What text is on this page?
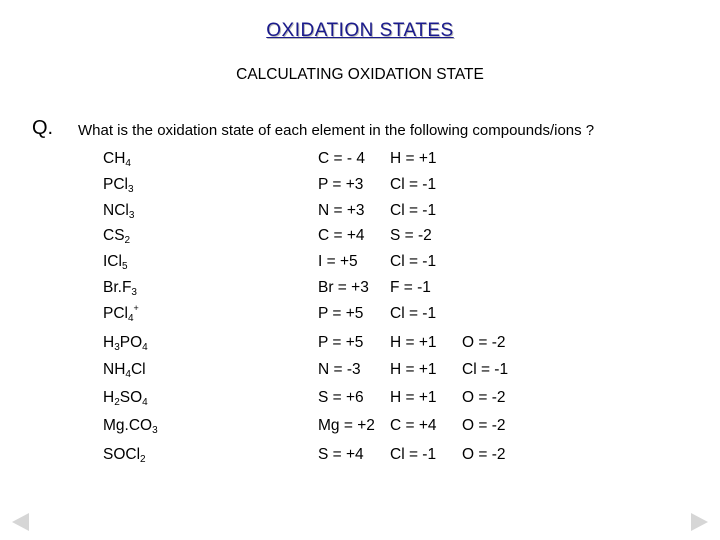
OXIDATION STATES
CALCULATING OXIDATION STATE
Q. What is the oxidation state of each element in the following compounds/ions ?
$CH_4$	C = - 4 H = +1
PCl$_3$	P = +3 Cl = -1
NCl$_3$	N = +3 Cl = -1
$CS_2$	C = +4 S = -2
ICl$_5$	I = +5 Cl = -1
$Br.F_3$	Br = +3 F = -1
PCl$_4$+	P = +5 Cl = -1
$H_3PO_4$	P = +5 H = +1 O = -2
$NH_4Cl$	N = -3 H = +1 Cl = -1
$H_2SO_4$	S = +6 H = +1 O = -2
$Mg.CO_3$	Mg = +2 C = +4 O = -2
SOCl$_2$	S = +4 Cl = -1 O = -2
